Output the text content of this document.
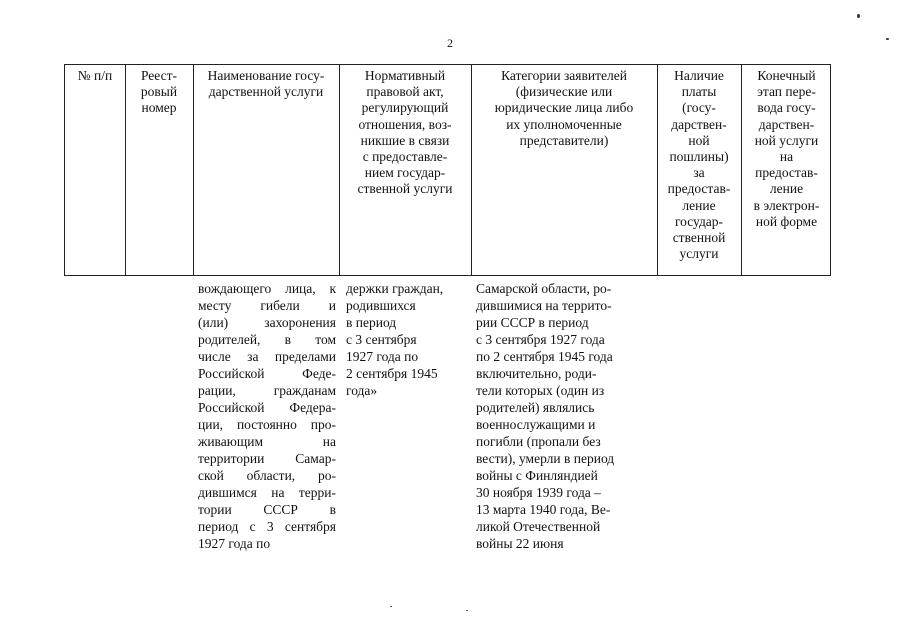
2
№ п/п	Реест-
ровый
номер
Наименование госу-
дарственной услуги
Нормативный
правовой акт,
регулирующий
отношения, воз-
никшие в связи
с предоставле-
нием государ-
ственной услуги
Категории заявителей
(физические или
юридические лица либо
их уполномоченные
представители)
Наличие
платы
(госу-
дарствен-
ной
пошлины)
за
предостав-
ление
государ-
ственной
услуги
Конечный
этап пере-
вода госу-
дарствен-
ной услуги
на
предостав-
ление
в электрон-
ной форме
вождающего лица, к
месту гибели и
(или) захоронения
родителей, в том
числе за пределами
Российской Феде-
рации, гражданам
Российской Федера-
ции, постоянно про-
живающим на
территории Самар-
ской области, ро-
дившимся на терри-
тории СССР в
период с 3 сентября
1927 года по
держки граждан,
родившихся
в период
с 3 сентября
1927 года по
2 сентября 1945
года»
Самарской области, ро-
дившимися на террито-
рии СССР в период
с 3 сентября 1927 года
по 2 сентября 1945 года
включительно, роди-
тели которых (один из
родителей) являлись
военнослужащими и
погибли (пропали без
вести), умерли в период
войны с Финляндией
30 ноября 1939 года –
13 марта 1940 года, Ве-
ликой Отечественной
войны 22 июня
